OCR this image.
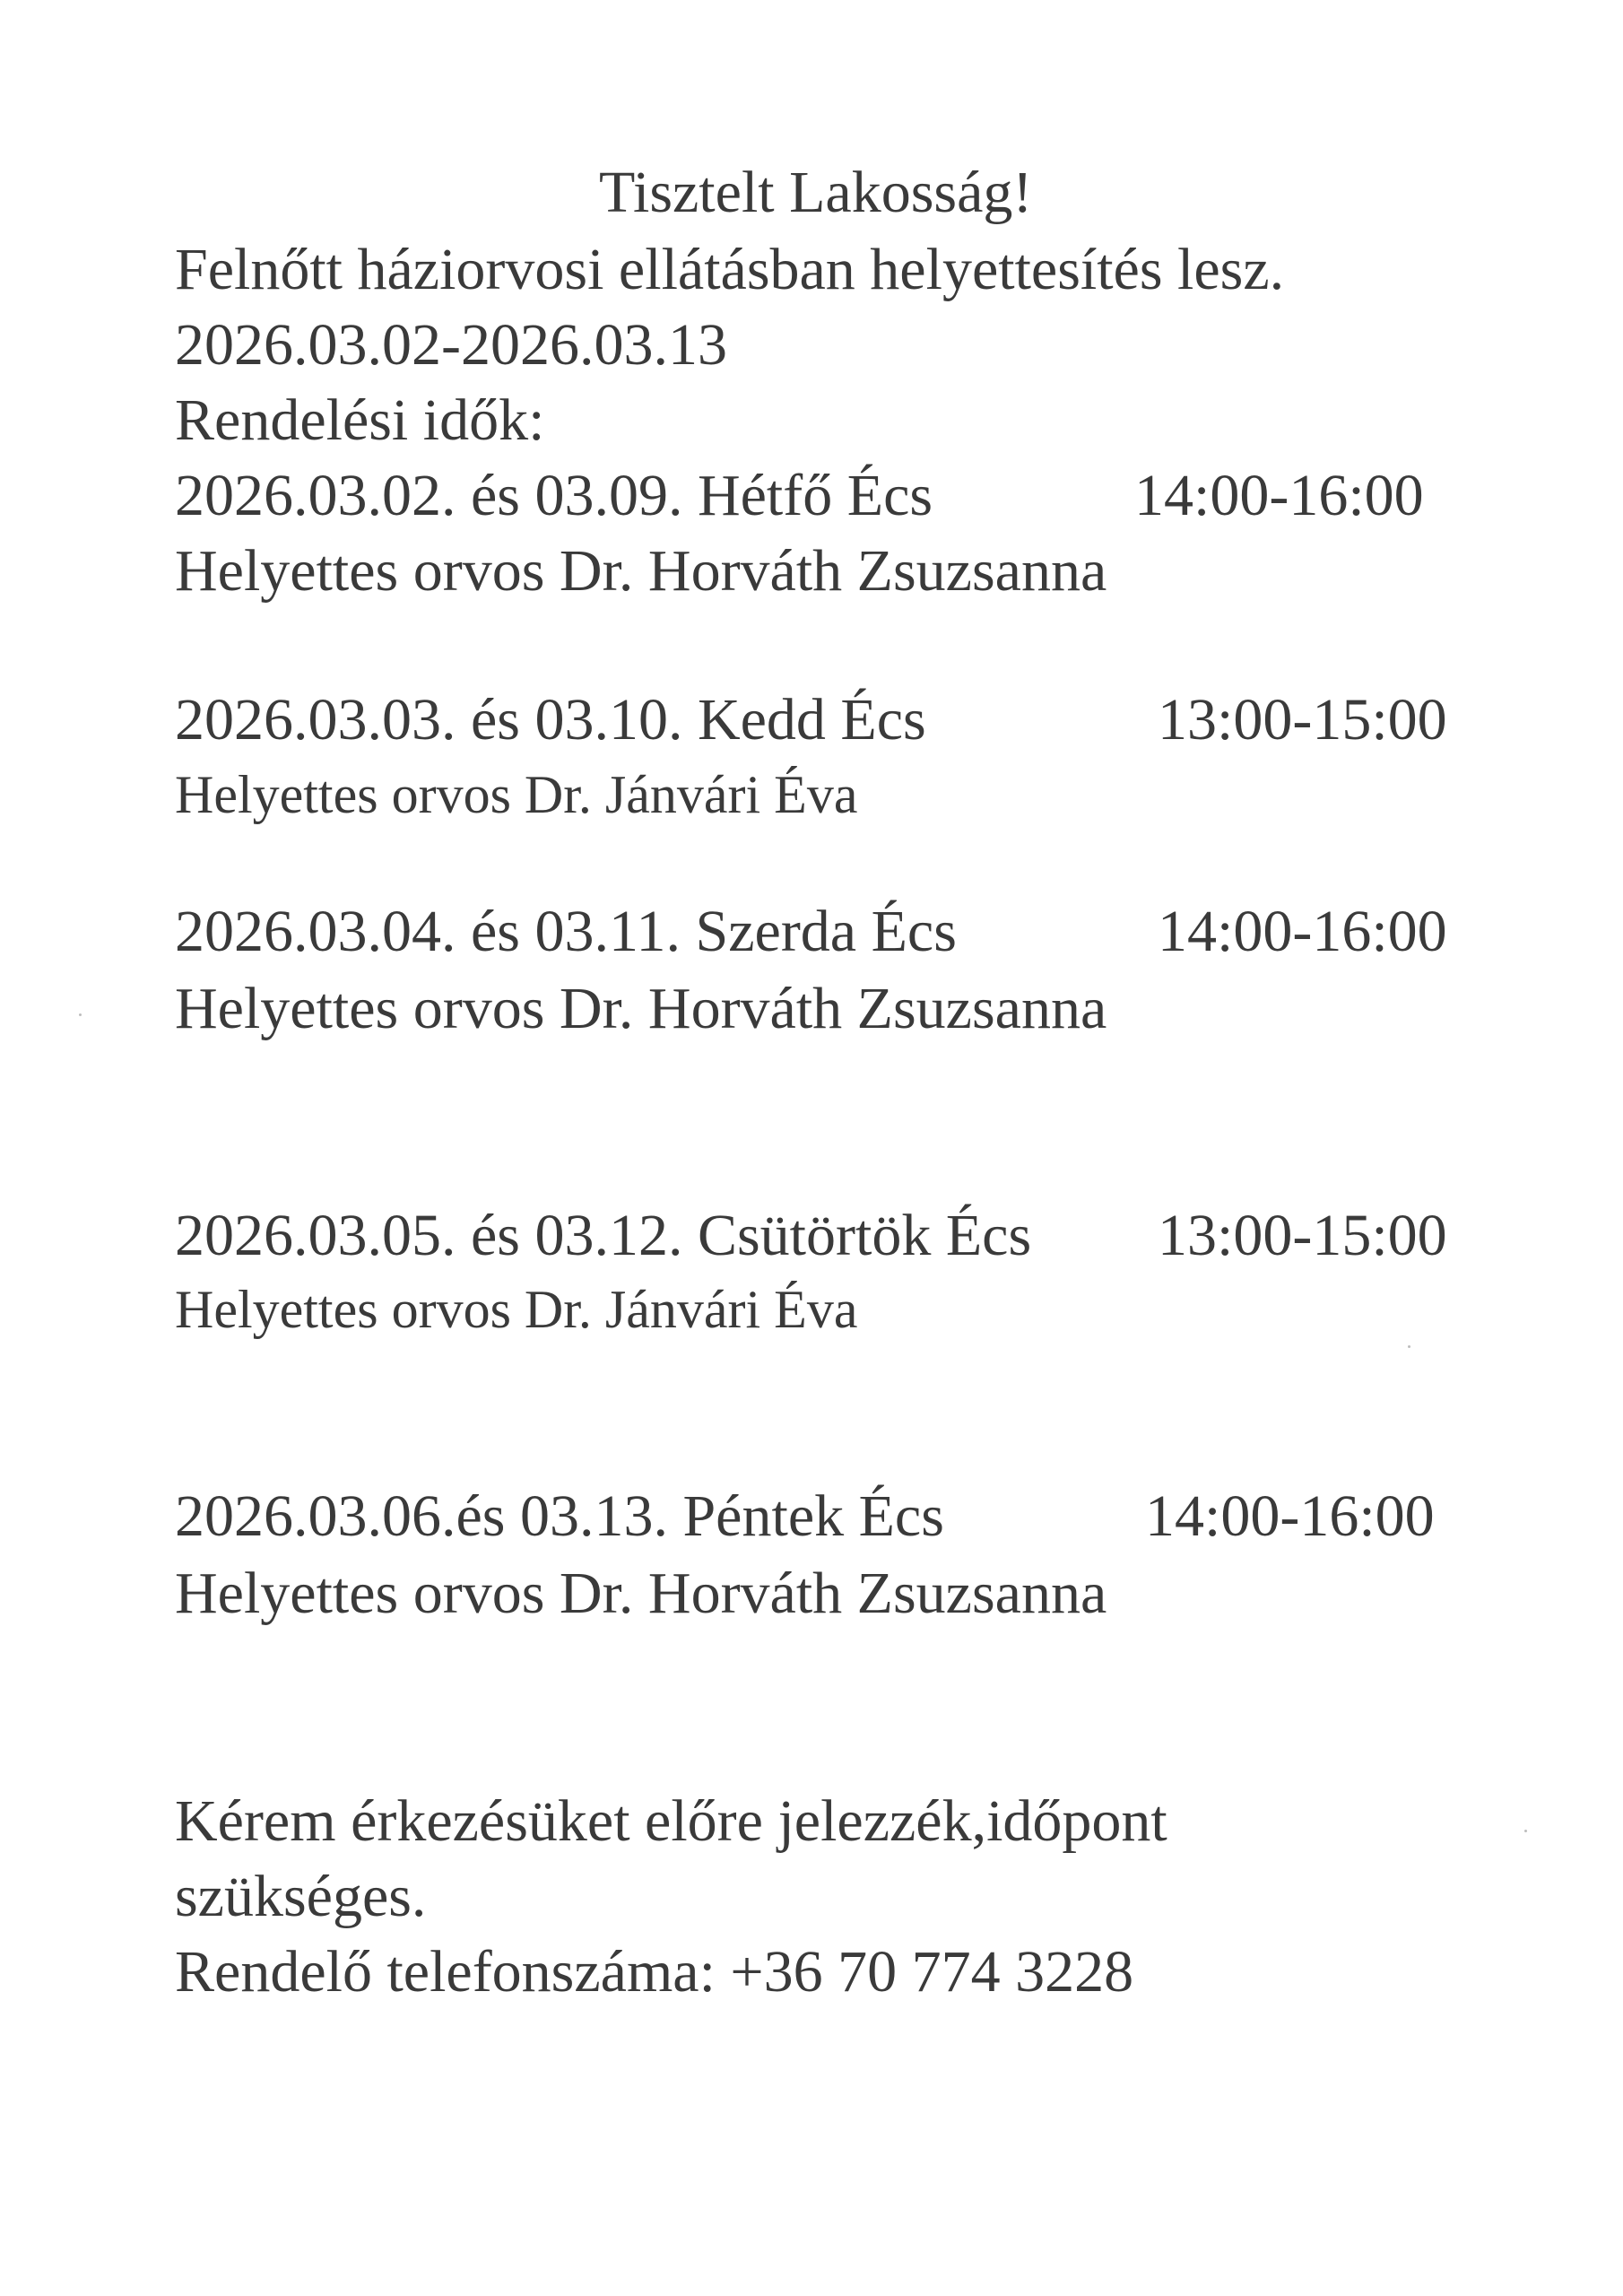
Tisztelt Lakosság!
Felnőtt háziorvosi ellátásban helyettesítés lesz.
2026.03.02-2026.03.13
Rendelési idők:
2026.03.02. és 03.09. Hétfő Écs	14:00-16:00
Helyettes orvos Dr. Horváth Zsuzsanna
2026.03.03. és 03.10. Kedd Écs	13:00-15:00
Helyettes orvos Dr. Jánvári Éva
2026.03.04. és 03.11. Szerda Écs	14:00-16:00
Helyettes orvos Dr. Horváth Zsuzsanna
2026.03.05. és 03.12. Csütörtök Écs 13:00-15:00
Helyettes orvos Dr. Jánvári Éva
2026.03.06.és 03.13. Péntek Écs	14:00-16:00
Helyettes orvos Dr. Horváth Zsuzsanna
Kérem érkezésüket előre jelezzék,időpont
szükséges.
Rendelő telefonszáma: +36 70 774 3228
